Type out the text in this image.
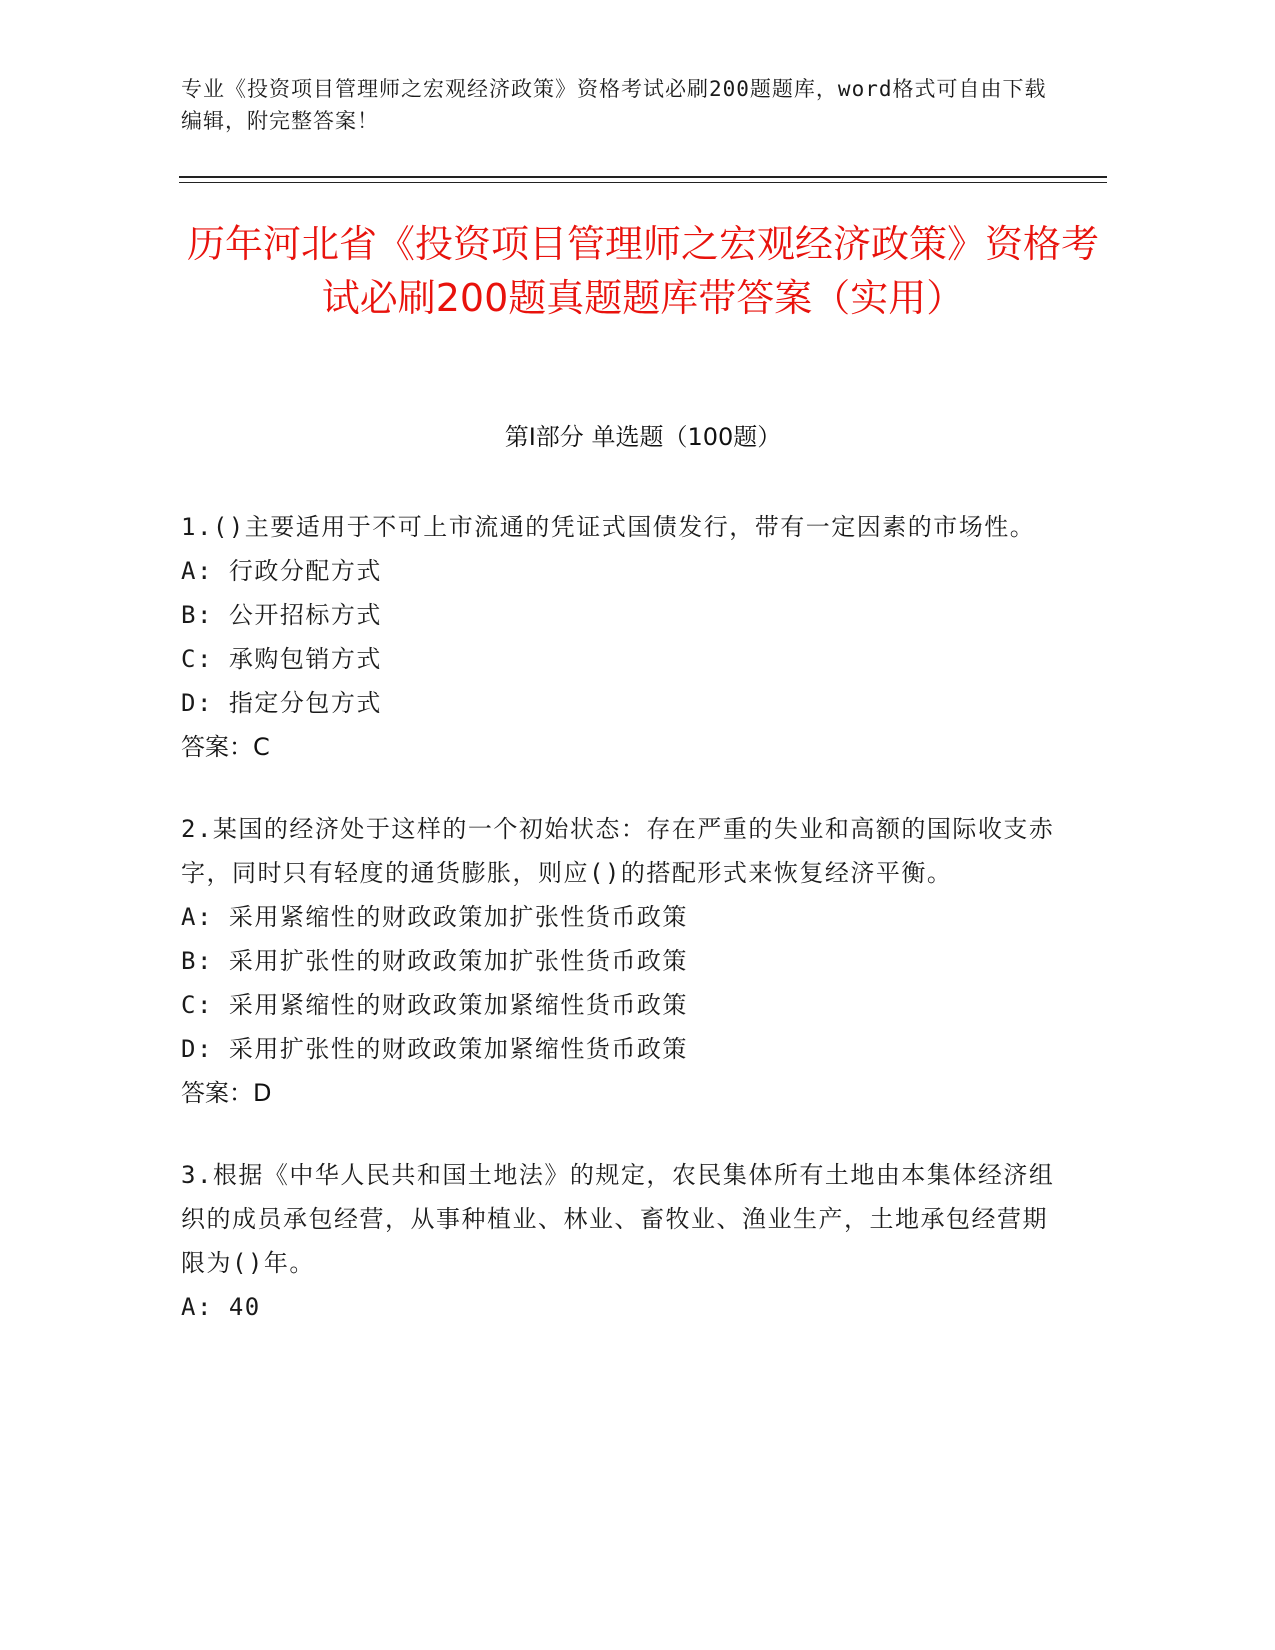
专业《投资项目管理师之宏观经济政策》资格考试必刷200题题库，word格式可自由下载编辑，附完整答案！
历年河北省《投资项目管理师之宏观经济政策》资格考试必刷200题真题题库带答案（实用）
第Ⅰ部分 单选题（100题）

1.()主要适用于不可上市流通的凭证式国债发行，带有一定因素的市场性。

A: 行政分配方式

B: 公开招标方式

C: 承购包销方式

D: 指定分包方式

答案：C

2.某国的经济处于这样的一个初始状态：存在严重的失业和高额的国际收支赤字，同时只有轻度的通货膨胀，则应()的搭配形式来恢复经济平衡。

A: 采用紧缩性的财政政策加扩张性货币政策

B: 采用扩张性的财政政策加扩张性货币政策

C: 采用紧缩性的财政政策加紧缩性货币政策

D: 采用扩张性的财政政策加紧缩性货币政策

答案：D

3.根据《中华人民共和国土地法》的规定，农民集体所有土地由本集体经济组织的成员承包经营，从事种植业、林业、畜牧业、渔业生产，土地承包经营期限为()年。

A: 40
